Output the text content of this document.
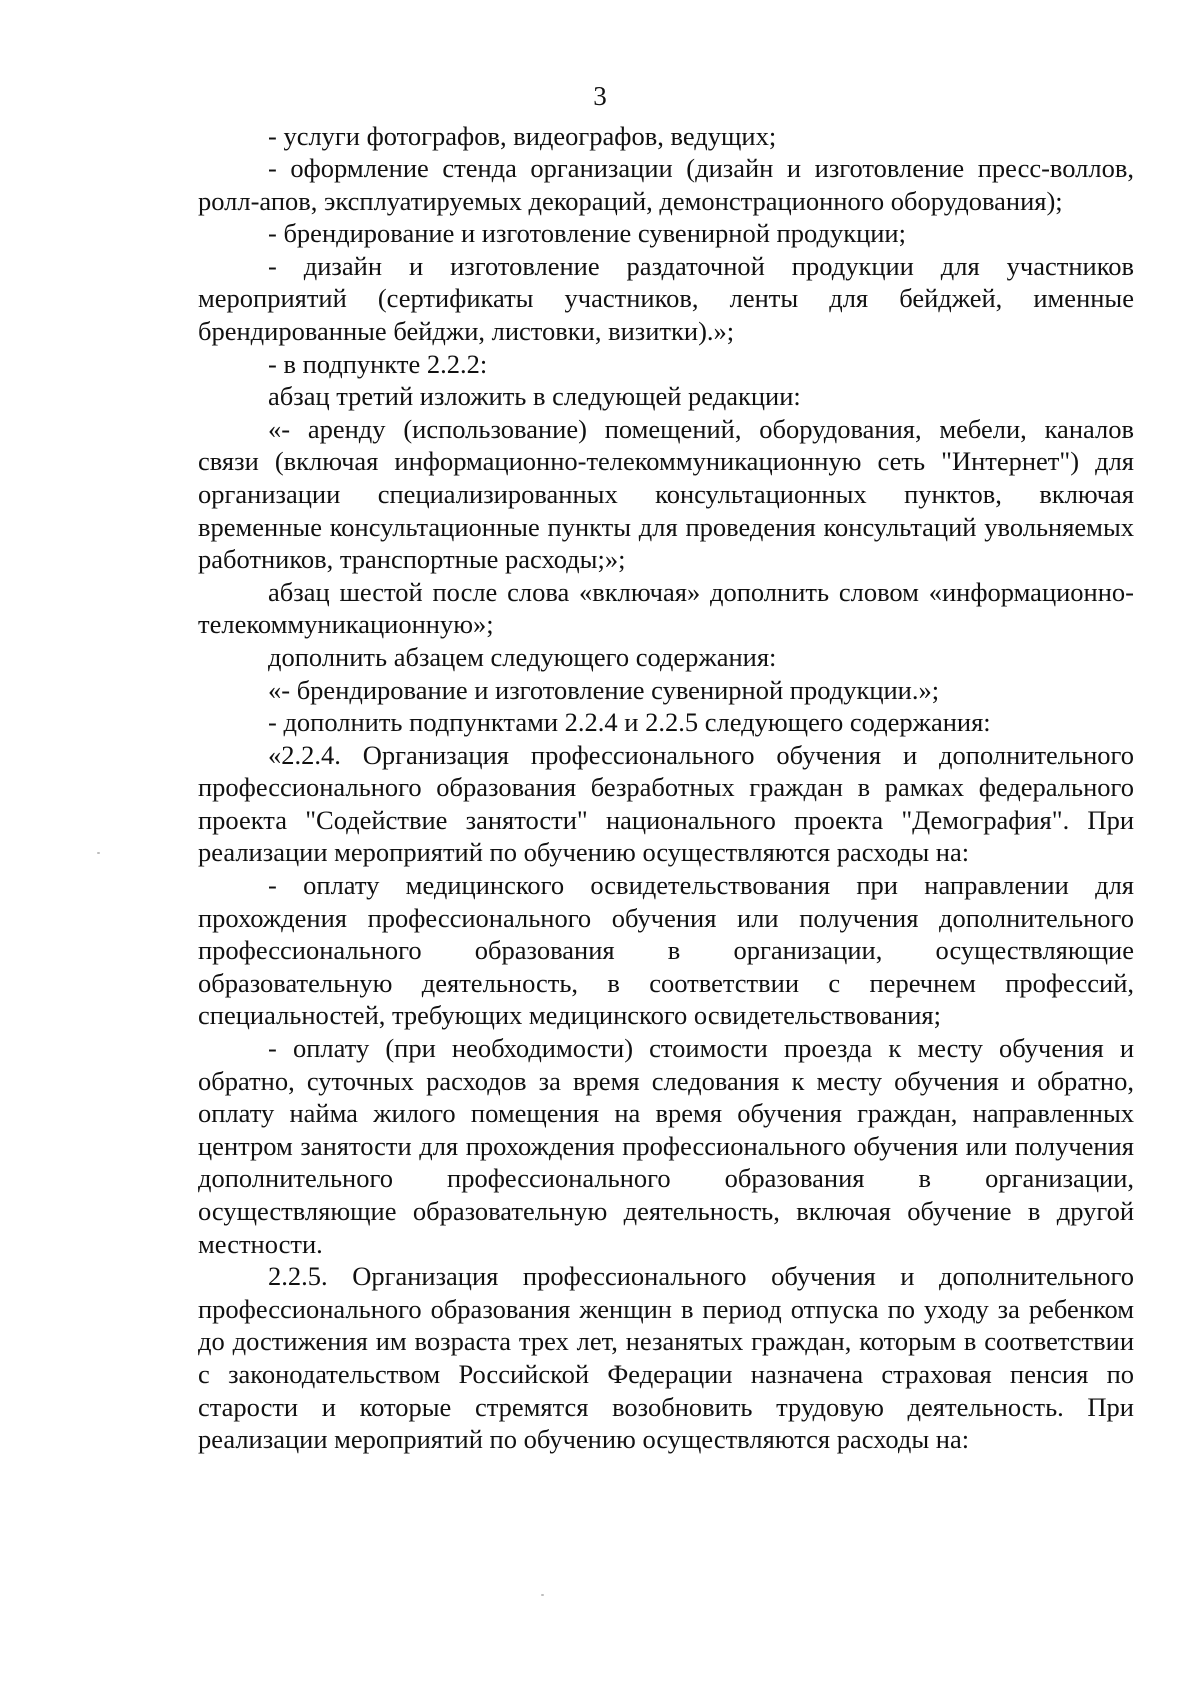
3

- услуги фотографов, видеографов, ведущих;

- оформление стенда организации (дизайн и изготовление пресс-воллов, ролл-апов, эксплуатируемых декораций, демонстрационного оборудования);

- брендирование и изготовление сувенирной продукции;

- дизайн и изготовление раздаточной продукции для участников мероприятий (сертификаты участников, ленты для бейджей, именные брендированные бейджи, листовки, визитки).»;

- в подпункте 2.2.2:

абзац третий изложить в следующей редакции:

«- аренду (использование) помещений, оборудования, мебели, каналов связи (включая информационно-телекоммуникационную сеть "Интернет") для организации специализированных консультационных пунктов, включая временные консультационные пункты для проведения консультаций увольняемых работников, транспортные расходы;»;

абзац шестой после слова «включая» дополнить словом «информационно-телекоммуникационную»;

дополнить абзацем следующего содержания:

«- брендирование и изготовление сувенирной продукции.»;

- дополнить подпунктами 2.2.4 и 2.2.5 следующего содержания:

«2.2.4. Организация профессионального обучения и дополнительного профессионального образования безработных граждан в рамках федерального проекта "Содействие занятости" национального проекта "Демография". При реализации мероприятий по обучению осуществляются расходы на:

- оплату медицинского освидетельствования при направлении для прохождения профессионального обучения или получения дополнительного профессионального образования в организации, осуществляющие образовательную деятельность, в соответствии с перечнем профессий, специальностей, требующих медицинского освидетельствования;

- оплату (при необходимости) стоимости проезда к месту обучения и обратно, суточных расходов за время следования к месту обучения и обратно, оплату найма жилого помещения на время обучения граждан, направленных центром занятости для прохождения профессионального обучения или получения дополнительного профессионального образования в организации, осуществляющие образовательную деятельность, включая обучение в другой местности.

2.2.5. Организация профессионального обучения и дополнительного профессионального образования женщин в период отпуска по уходу за ребенком до достижения им возраста трех лет, незанятых граждан, которым в соответствии с законодательством Российской Федерации назначена страховая пенсия по старости и которые стремятся возобновить трудовую деятельность. При реализации мероприятий по обучению осуществляются расходы на:
